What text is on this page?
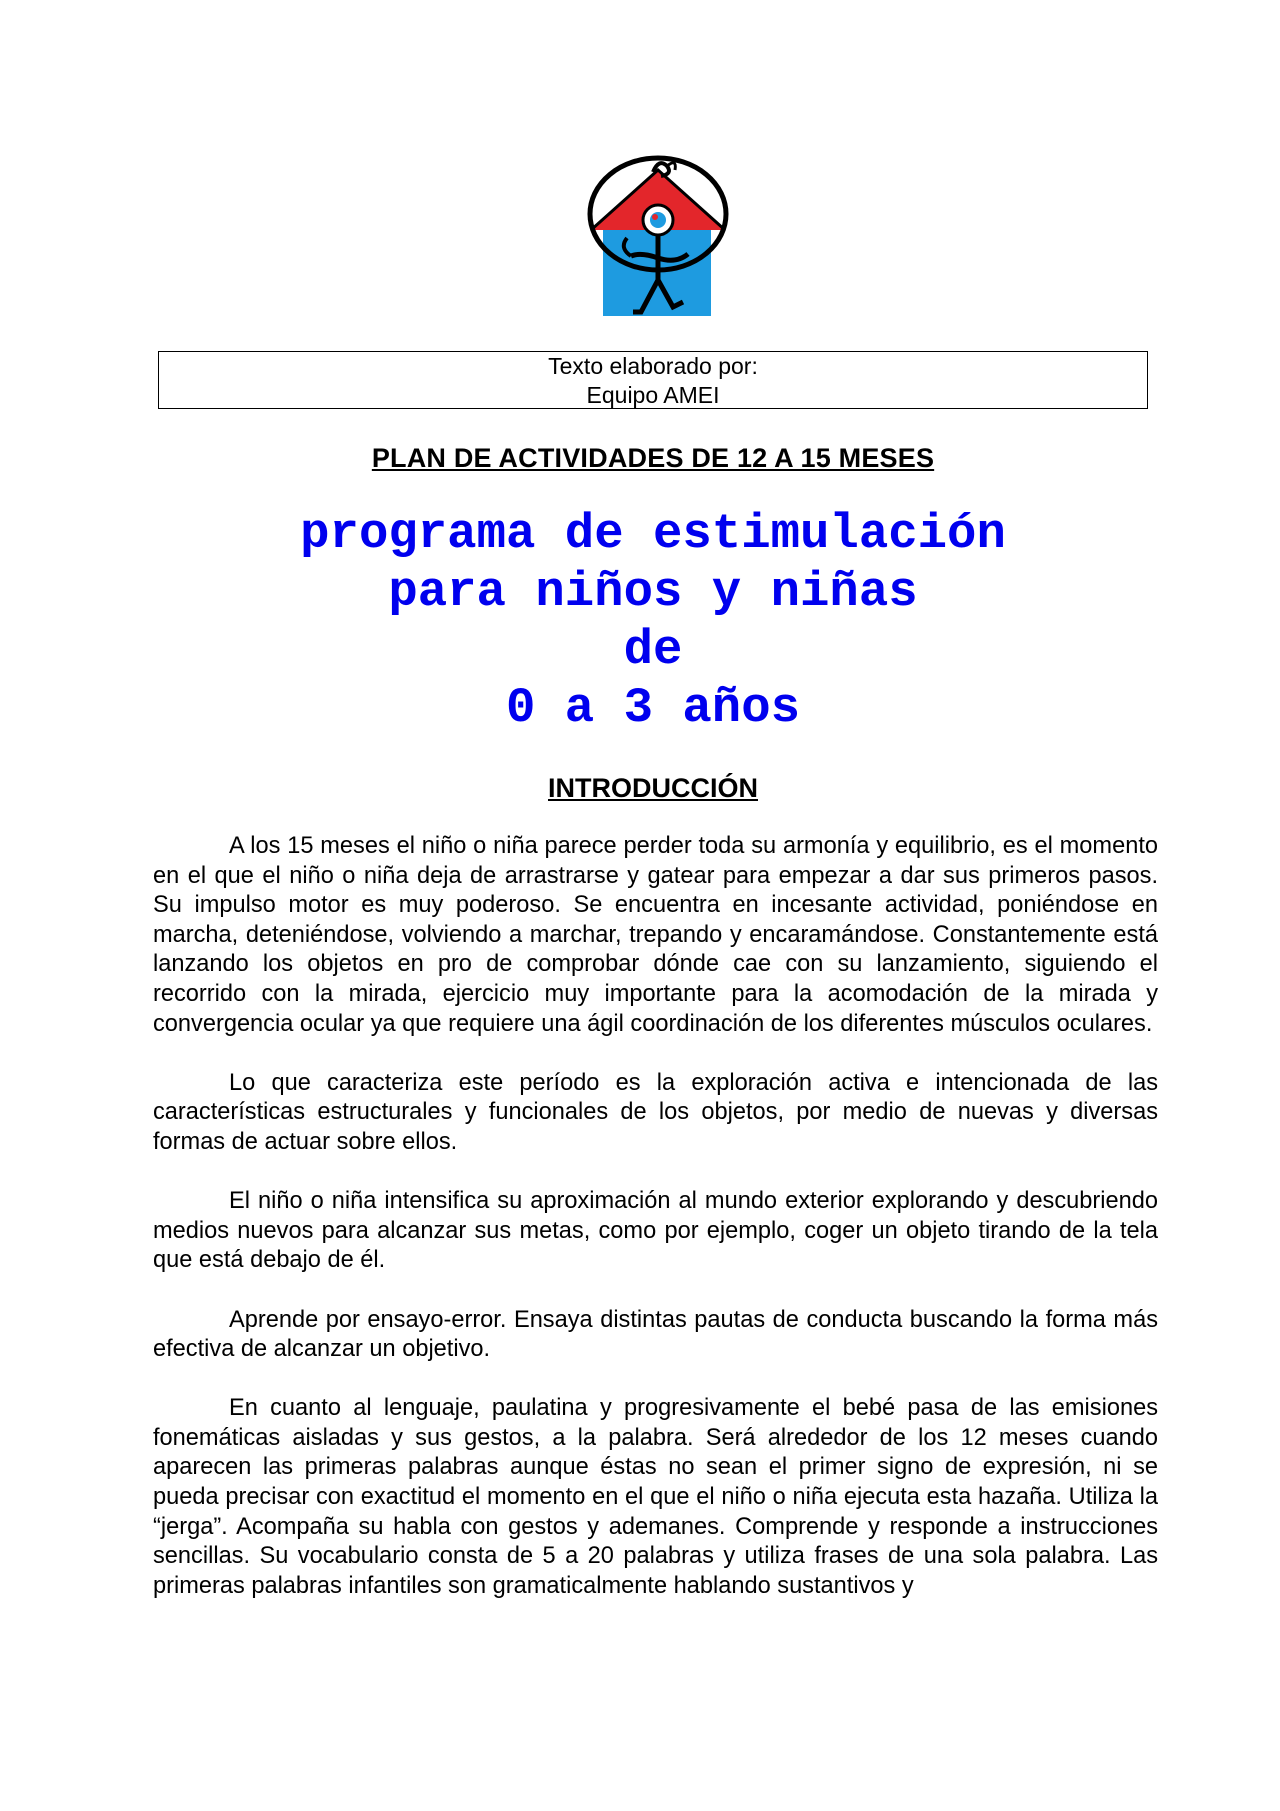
Texto elaborado por:
Equipo AMEI
PLAN DE ACTIVIDADES DE 12 A 15 MESES
programa de estimulación
para niños y niñas
de
0 a 3 años
INTRODUCCIÓN

A los 15 meses el niño o niña parece perder toda su armonía y equilibrio, es el momento en el que el niño o niña deja de arrastrarse y gatear para empezar a dar sus primeros pasos. Su impulso motor es muy poderoso. Se encuentra en incesante actividad, poniéndose en marcha, deteniéndose, volviendo a marchar, trepando y encaramándose. Constantemente está lanzando los objetos en pro de comprobar dónde cae con su lanzamiento, siguiendo el recorrido con la mirada, ejercicio muy importante para la acomodación de la mirada y convergencia ocular ya que requiere una ágil coordinación de los diferentes músculos oculares.

Lo que caracteriza este período es la exploración activa e intencionada de las características estructurales y funcionales de los objetos, por medio de nuevas y diversas formas de actuar sobre ellos.

El niño o niña intensifica su aproximación al mundo exterior explorando y descubriendo medios nuevos para alcanzar sus metas, como por ejemplo, coger un objeto tirando de la tela que está debajo de él.

Aprende por ensayo-error. Ensaya distintas pautas de conducta buscando la forma más efectiva de alcanzar un objetivo.

En cuanto al lenguaje, paulatina y progresivamente el bebé pasa de las emisiones fonemáticas aisladas y sus gestos, a la palabra. Será alrededor de los 12 meses cuando aparecen las primeras palabras aunque éstas no sean el primer signo de expresión, ni se pueda precisar con exactitud el momento en el que el niño o niña ejecuta esta hazaña. Utiliza la “jerga”. Acompaña su habla con gestos y ademanes. Comprende y responde a instrucciones sencillas. Su vocabulario consta de 5 a 20 palabras y utiliza frases de una sola palabra. Las primeras palabras infantiles son gramaticalmente hablando sustantivos y
